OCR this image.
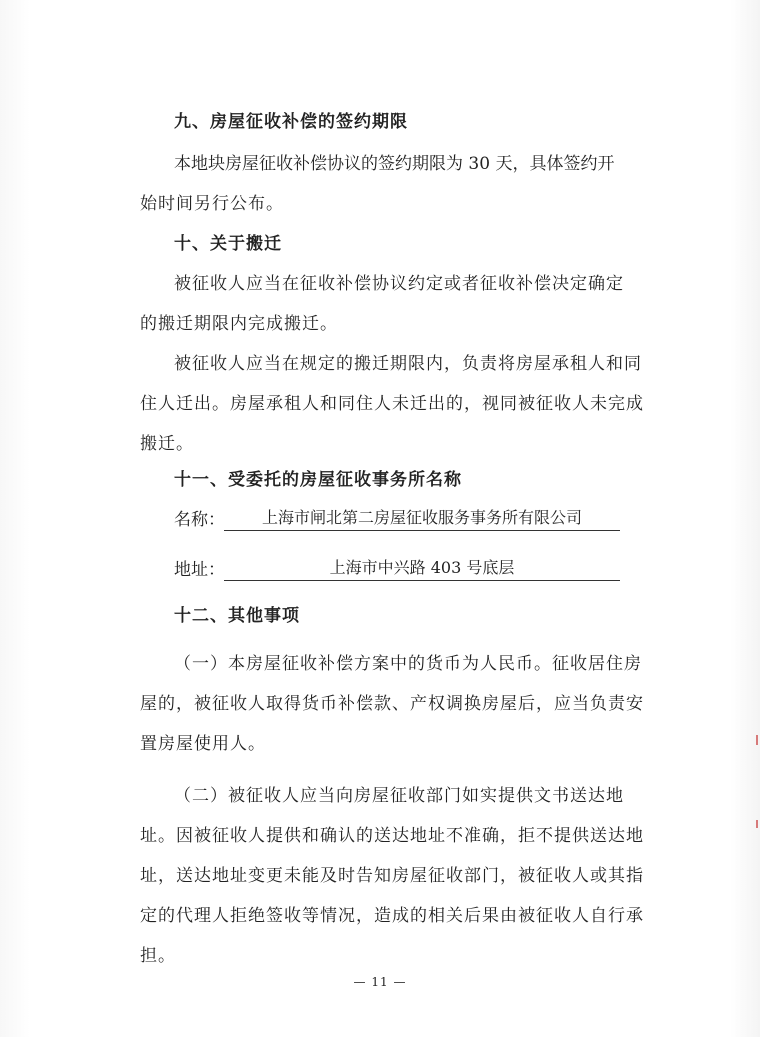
九、房屋征收补偿的签约期限
本地块房屋征收补偿协议的签约期限为 30 天，具体签约开
始时间另行公布。
十、关于搬迁
被征收人应当在征收补偿协议约定或者征收补偿决定确定
的搬迁期限内完成搬迁。
被征收人应当在规定的搬迁期限内，负责将房屋承租人和同
住人迁出。房屋承租人和同住人未迁出的，视同被征收人未完成
搬迁。
十一、受委托的房屋征收事务所名称
名称：	上海市闸北第二房屋征收服务事务所有限公司
地址：	上海市中兴路 403 号底层
十二、其他事项
（一）本房屋征收补偿方案中的货币为人民币。征收居住房
屋的，被征收人取得货币补偿款、产权调换房屋后，应当负责安
置房屋使用人。
（二）被征收人应当向房屋征收部门如实提供文书送达地
址。因被征收人提供和确认的送达地址不准确，拒不提供送达地
址，送达地址变更未能及时告知房屋征收部门，被征收人或其指
定的代理人拒绝签收等情况，造成的相关后果由被征收人自行承
担。
— 11 —
